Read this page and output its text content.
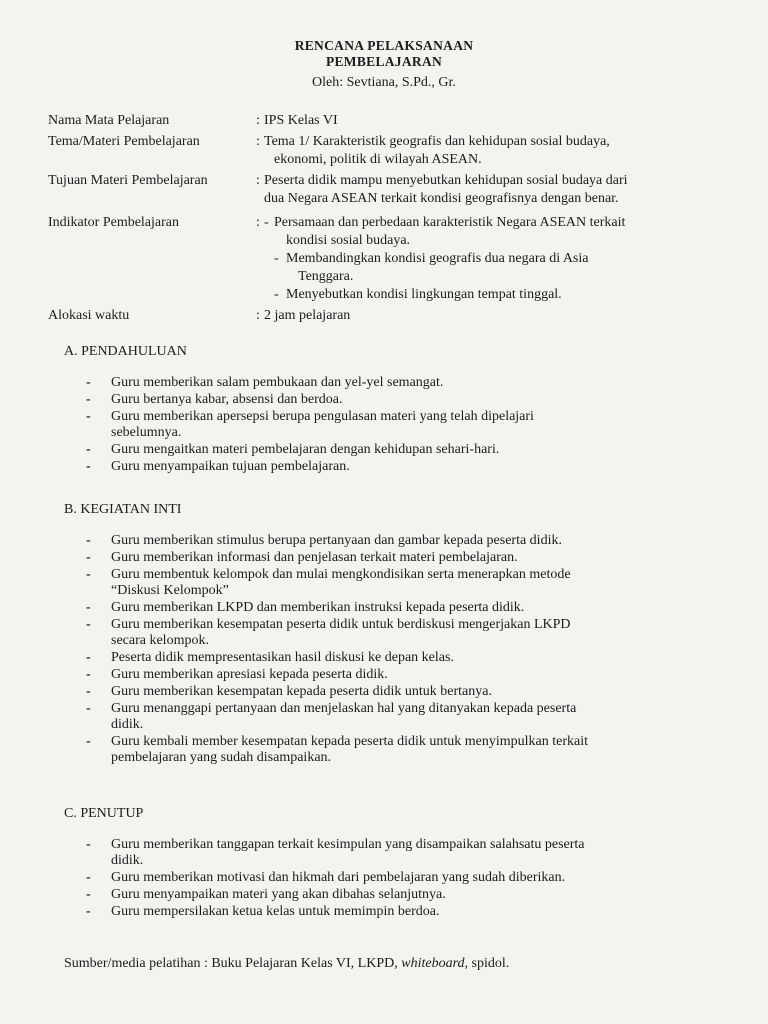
RENCANA PELAKSANAAN
PEMBELAJARAN
Oleh: Sevtiana, S.Pd., Gr.
Nama Mata Pelajaran	: IPS Kelas VI

Tema/Materi Pembelajaran	: Tema 1/ Karakteristik geografis dan kehidupan sosial budaya,

ekonomi, politik di wilayah ASEAN.

Tujuan Materi Pembelajaran	: Peserta didik mampu menyebutkan kehidupan sosial budaya dari

dua Negara ASEAN terkait kondisi geografisnya dengan benar.

Indikator Pembelajaran	: - Persamaan dan perbedaan karakteristik Negara ASEAN terkait

kondisi sosial budaya.

- Membandingkan kondisi geografis dua negara di Asia

Tenggara.

- Menyebutkan kondisi lingkungan tempat tinggal.

Alokasi waktu	: 2 jam pelajaran

A. PENDAHULUAN
-	Guru memberikan salam pembukaan dan yel-yel semangat.
-	Guru bertanya kabar, absensi dan berdoa.
-	Guru memberikan apersepsi berupa pengulasan materi yang telah dipelajari
sebelumnya.
-	Guru mengaitkan materi pembelajaran dengan kehidupan sehari-hari.
-	Guru menyampaikan tujuan pembelajaran.
B. KEGIATAN INTI
-	Guru memberikan stimulus berupa pertanyaan dan gambar kepada peserta didik.
-	Guru memberikan informasi dan penjelasan terkait materi pembelajaran.
-	Guru membentuk kelompok dan mulai mengkondisikan serta menerapkan metode
“Diskusi Kelompok”
-	Guru memberikan LKPD dan memberikan instruksi kepada peserta didik.
-	Guru memberikan kesempatan peserta didik untuk berdiskusi mengerjakan LKPD
secara kelompok.
-	Peserta didik mempresentasikan hasil diskusi ke depan kelas.
-	Guru memberikan apresiasi kepada peserta didik.
-	Guru memberikan kesempatan kepada peserta didik untuk bertanya.
-	Guru menanggapi pertanyaan dan menjelaskan hal yang ditanyakan kepada peserta
didik.
-	Guru kembali member kesempatan kepada peserta didik untuk menyimpulkan terkait
pembelajaran yang sudah disampaikan.
C. PENUTUP
-	Guru memberikan tanggapan terkait kesimpulan yang disampaikan salahsatu peserta
didik.
-	Guru memberikan motivasi dan hikmah dari pembelajaran yang sudah diberikan.
-	Guru menyampaikan materi yang akan dibahas selanjutnya.
-	Guru mempersilakan ketua kelas untuk memimpin berdoa.
Sumber/media pelatihan : Buku Pelajaran Kelas VI, LKPD, whiteboard, spidol.
